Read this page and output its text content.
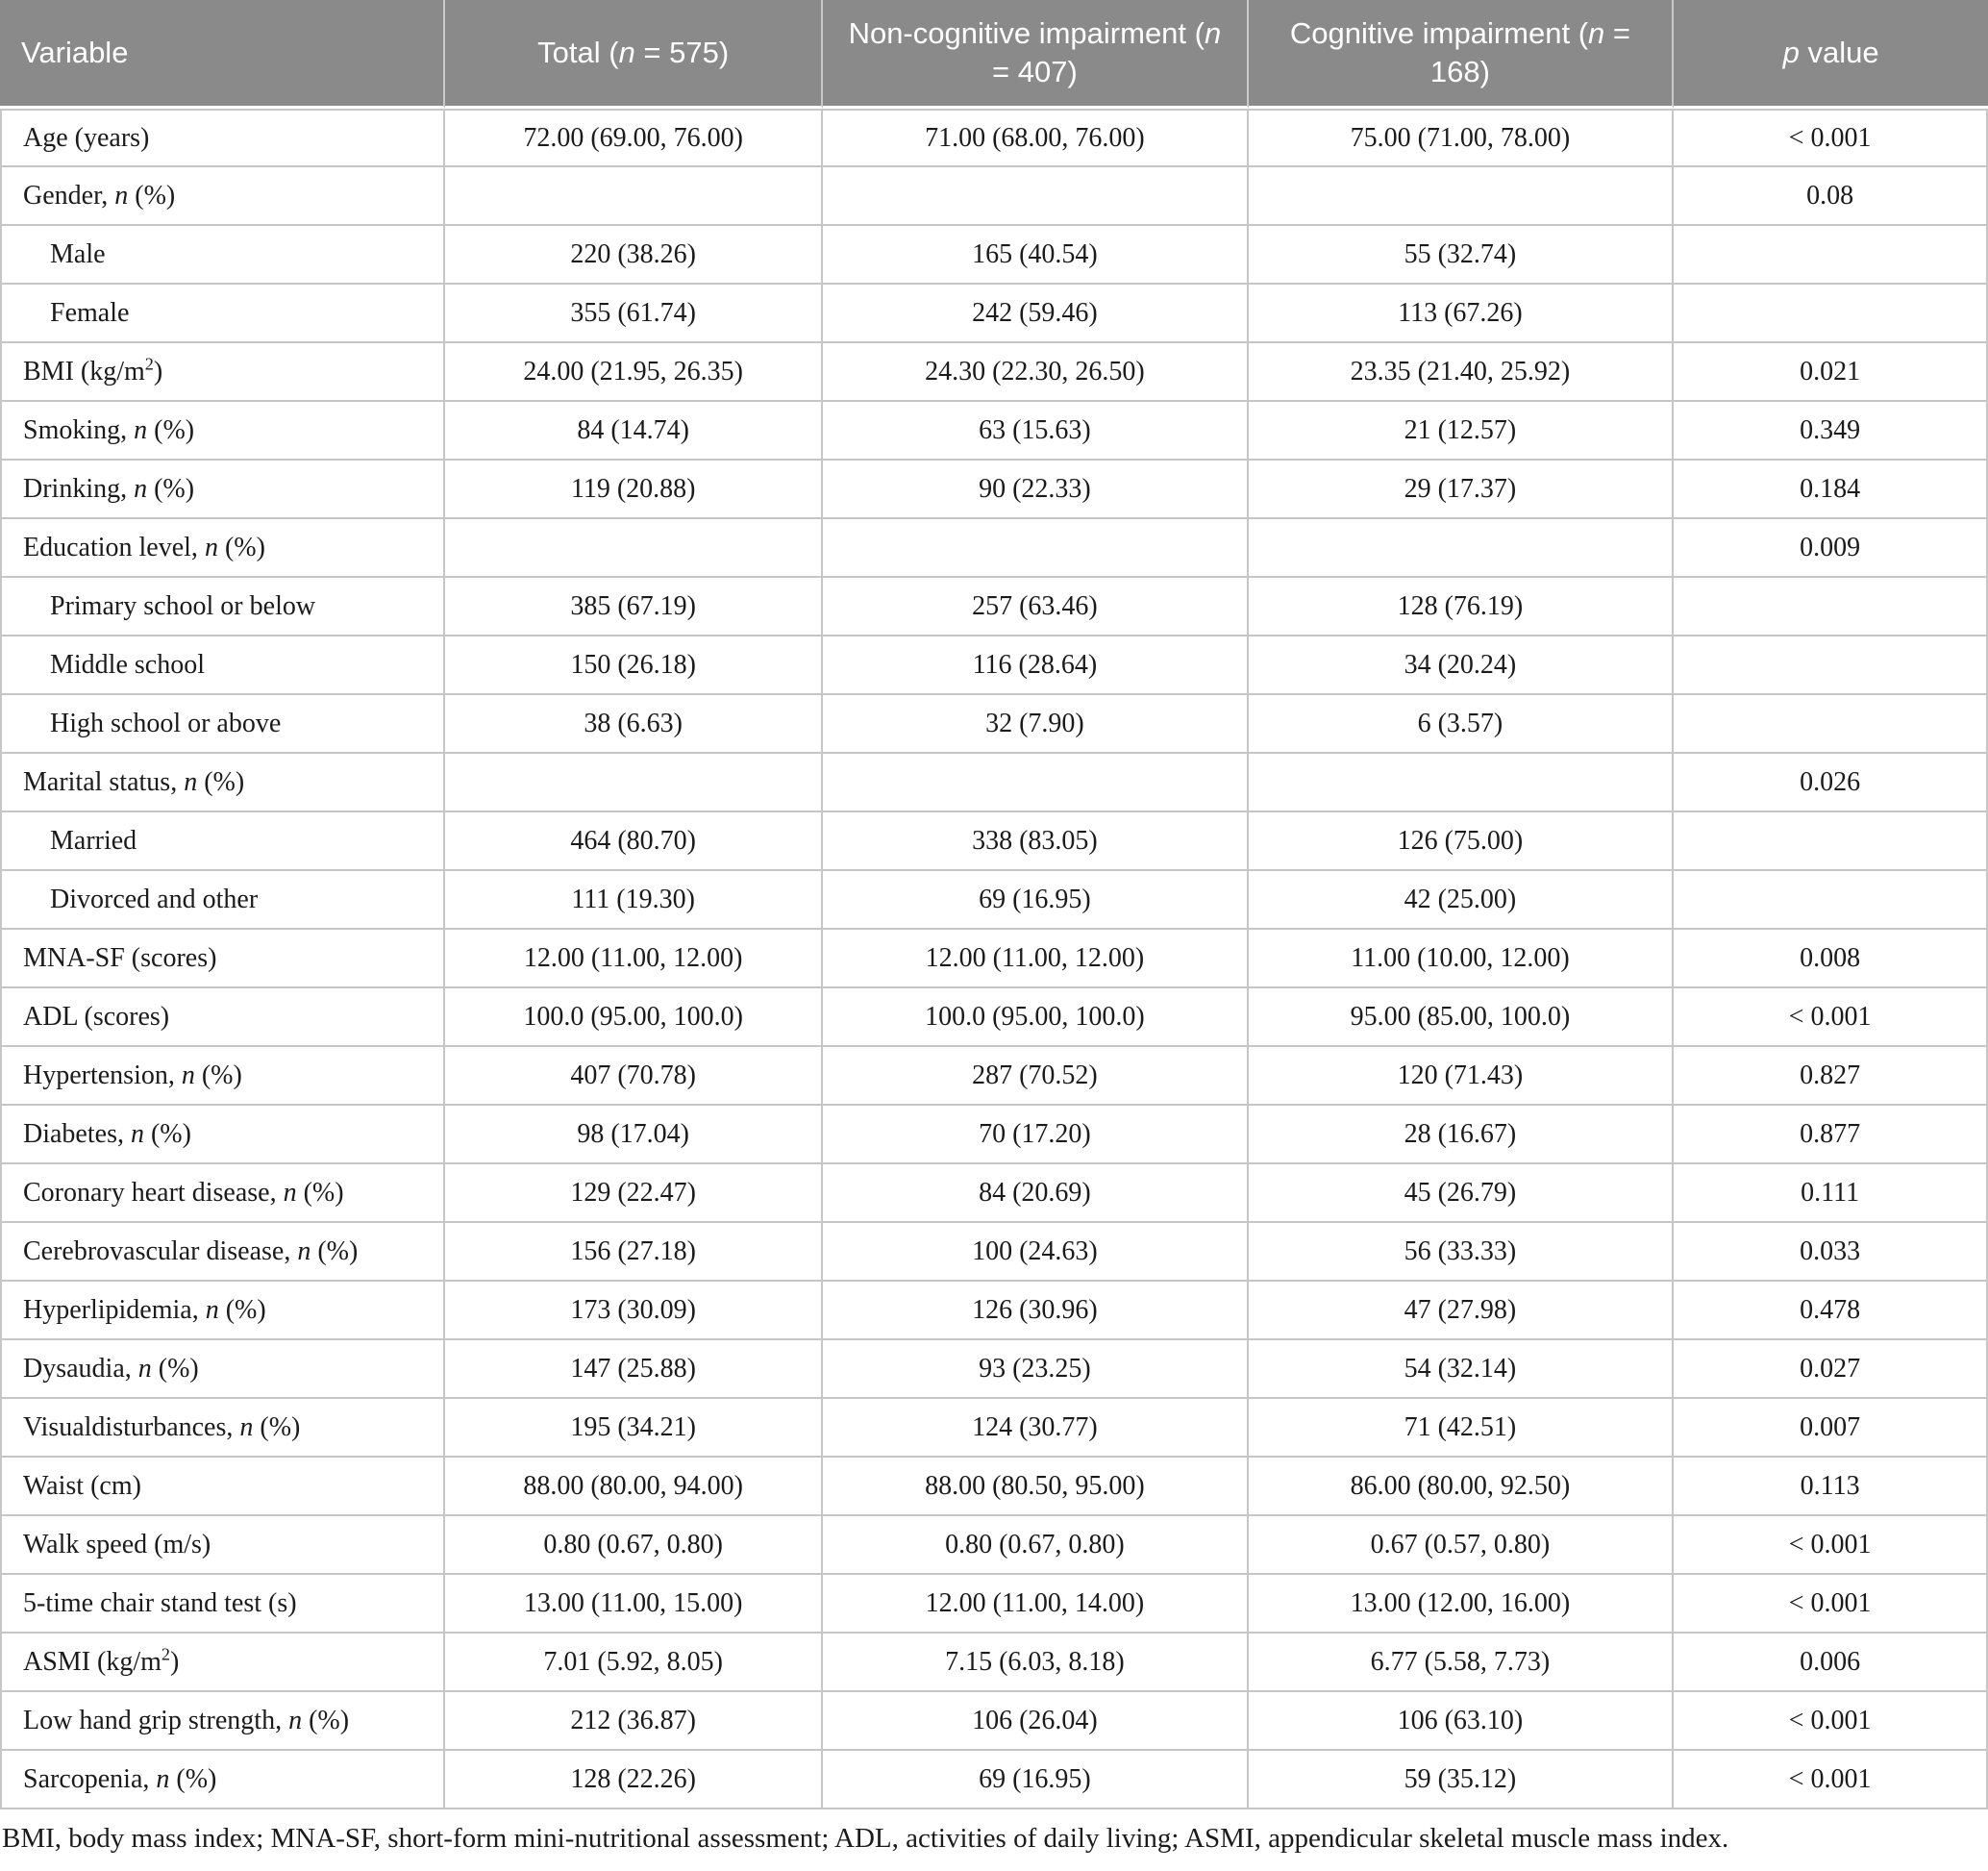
Variable	Total (n = 575)	Non-cognitive impairment (n = 407)	Cognitive impairment (n = 168)	p value
Age (years)	72.00 (69.00, 76.00)	71.00 (68.00, 76.00)	75.00 (71.00, 78.00)	< 0.001
Gender, n (%)				0.08
Male	220 (38.26)	165 (40.54)	55 (32.74)	
Female	355 (61.74)	242 (59.46)	113 (67.26)	
BMI $(kg/m^2)$	24.00 (21.95, 26.35)	24.30 (22.30, 26.50)	23.35 (21.40, 25.92)	0.021
Smoking, n (%)	84 (14.74)	63 (15.63)	21 (12.57)	0.349
Drinking, n (%)	119 (20.88)	90 (22.33)	29 (17.37)	0.184
Education level, n (%)				0.009
Primary school or below	385 (67.19)	257 (63.46)	128 (76.19)	
Middle school	150 (26.18)	116 (28.64)	34 (20.24)	
High school or above	38 (6.63)	32 (7.90)	6 (3.57)	
Marital status, n (%)				0.026
Married	464 (80.70)	338 (83.05)	126 (75.00)	
Divorced and other	111 (19.30)	69 (16.95)	42 (25.00)	
MNA-SF (scores)	12.00 (11.00, 12.00)	12.00 (11.00, 12.00)	11.00 (10.00, 12.00)	0.008
ADL (scores)	100.0 (95.00, 100.0)	100.0 (95.00, 100.0)	95.00 (85.00, 100.0)	< 0.001
Hypertension, n (%)	407 (70.78)	287 (70.52)	120 (71.43)	0.827
Diabetes, n (%)	98 (17.04)	70 (17.20)	28 (16.67)	0.877
Coronary heart disease, n (%)	129 (22.47)	84 (20.69)	45 (26.79)	0.111
Cerebrovascular disease, n (%)	156 (27.18)	100 (24.63)	56 (33.33)	0.033
Hyperlipidemia, n (%)	173 (30.09)	126 (30.96)	47 (27.98)	0.478
Dysaudia, n (%)	147 (25.88)	93 (23.25)	54 (32.14)	0.027
Visualdisturbances, n (%)	195 (34.21)	124 (30.77)	71 (42.51)	0.007
Waist (cm)	88.00 (80.00, 94.00)	88.00 (80.50, 95.00)	86.00 (80.00, 92.50)	0.113
Walk speed (m/s)	0.80 (0.67, 0.80)	0.80 (0.67, 0.80)	0.67 (0.57, 0.80)	< 0.001
5-time chair stand test (s)	13.00 (11.00, 15.00)	12.00 (11.00, 14.00)	13.00 (12.00, 16.00)	< 0.001
ASMI $(kg/m^2)$	7.01 (5.92, 8.05)	7.15 (6.03, 8.18)	6.77 (5.58, 7.73)	0.006
Low hand grip strength, n (%)	212 (36.87)	106 (26.04)	106 (63.10)	< 0.001
Sarcopenia, n (%)	128 (22.26)	69 (16.95)	59 (35.12)	< 0.001
BMI, body mass index; MNA-SF, short-form mini-nutritional assessment; ADL, activities of daily living; ASMI, appendicular skeletal muscle mass index.
